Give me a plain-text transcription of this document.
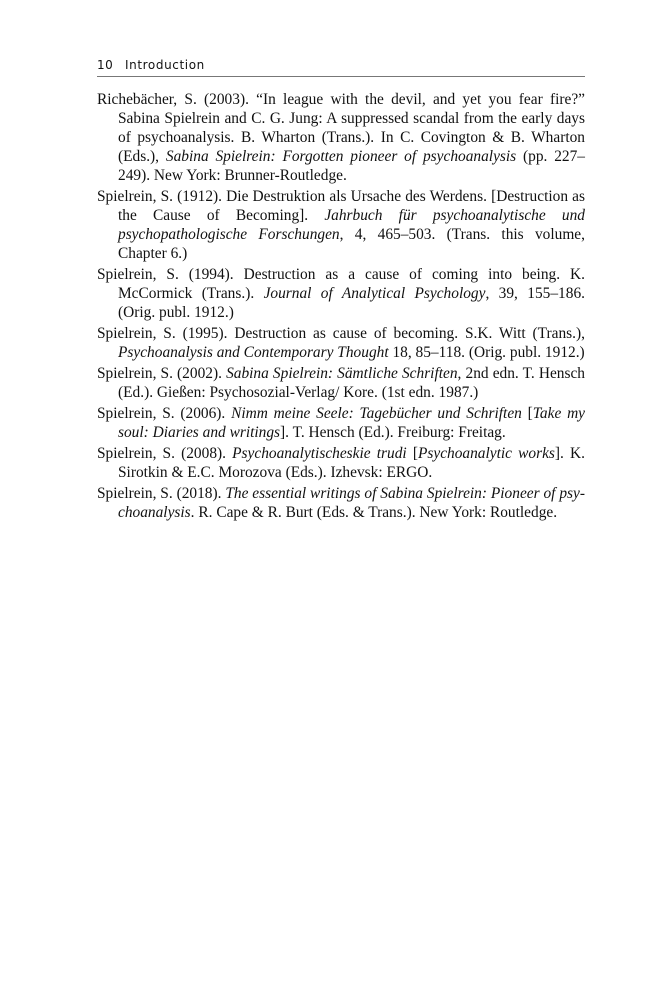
10 Introduction

Richebächer, S. (2003). “In league with the devil, and yet you fear fire?” Sabina Spielrein and C. G. Jung: A suppressed scandal from the early days of psychoanalysis. B. Wharton (Trans.). In C. Covington & B. Wharton (Eds.), Sabina Spielrein: Forgotten pioneer of psychoanalysis (pp. 227–249). New York: Brunner-Routledge.

Spielrein, S. (1912). Die Destruktion als Ursache des Werdens. [Destruction as the Cause of Becoming]. Jahrbuch für psychoanalytische und psychopathologische Forschungen, 4, 465–503. (Trans. this volume, Chapter 6.)

Spielrein, S. (1994). Destruction as a cause of coming into being. K. McCormick (Trans.). Journal of Analytical Psychology, 39, 155–186. (Orig. publ. 1912.)

Spielrein, S. (1995). Destruction as cause of becoming. S.K. Witt (Trans.), Psychoanalysis and Contemporary Thought 18, 85–118. (Orig. publ. 1912.)

Spielrein, S. (2002). Sabina Spielrein: Sämtliche Schriften, 2nd edn. T. Hensch (Ed.). Gießen: Psychosozial-Verlag/ Kore. (1st edn. 1987.)

Spielrein, S. (2006). Nimm meine Seele: Tagebücher und Schriften [Take my soul: Diaries and writings]. T. Hensch (Ed.). Freiburg: Freitag.

Spielrein, S. (2008). Psychoanalytischeskie trudi [Psychoanalytic works]. K. Sirotkin & E.C. Morozova (Eds.). Izhevsk: ERGO.

Spielrein, S. (2018). The essential writings of Sabina Spielrein: Pioneer of psychoanalysis. R. Cape & R. Burt (Eds. & Trans.). New York: Routledge.
